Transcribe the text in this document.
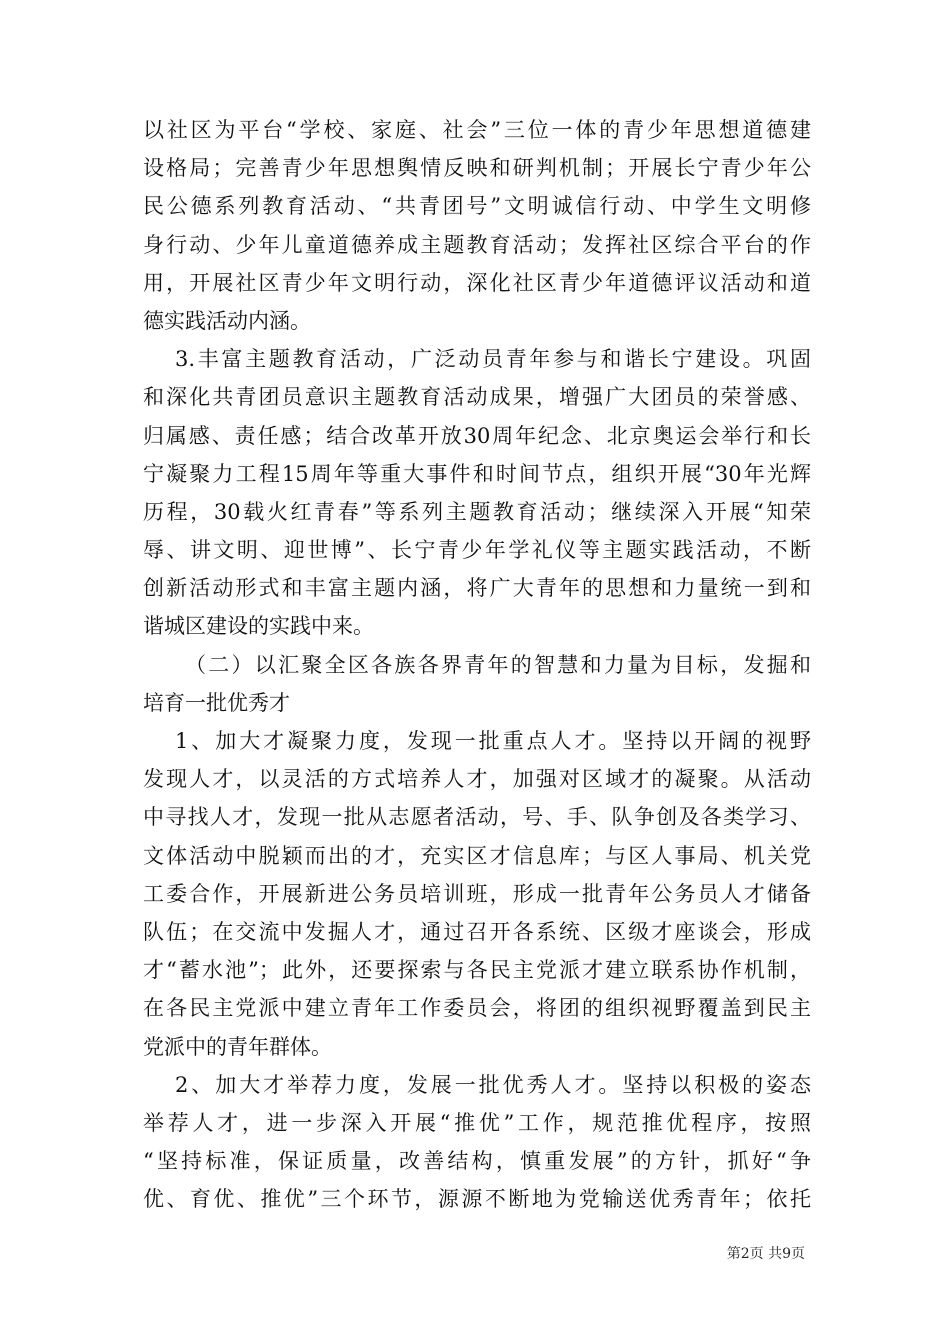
以社区为平台“学校、家庭、社会”三位一体的青少年思想道德建
设格局；完善青少年思想舆情反映和研判机制；开展长宁青少年公
民公德系列教育活动、“共青团号”文明诚信行动、中学生文明修
身行动、少年儿童道德养成主题教育活动；发挥社区综合平台的作
用，开展社区青少年文明行动，深化社区青少年道德评议活动和道
德实践活动内涵。
3.丰富主题教育活动，广泛动员青年参与和谐长宁建设。巩固
和深化共青团员意识主题教育活动成果，增强广大团员的荣誉感、
归属感、责任感；结合改革开放30周年纪念、北京奥运会举行和长
宁凝聚力工程15周年等重大事件和时间节点，组织开展“30年光辉
历程，30载火红青春”等系列主题教育活动；继续深入开展“知荣
辱、讲文明、迎世博”、长宁青少年学礼仪等主题实践活动，不断
创新活动形式和丰富主题内涵，将广大青年的思想和力量统一到和
谐城区建设的实践中来。
（二）以汇聚全区各族各界青年的智慧和力量为目标，发掘和
培育一批优秀才
1、加大才凝聚力度，发现一批重点人才。坚持以开阔的视野
发现人才，以灵活的方式培养人才，加强对区域才的凝聚。从活动
中寻找人才，发现一批从志愿者活动，号、手、队争创及各类学习、
文体活动中脱颖而出的才，充实区才信息库；与区人事局、机关党
工委合作，开展新进公务员培训班，形成一批青年公务员人才储备
队伍；在交流中发掘人才，通过召开各系统、区级才座谈会，形成
才“蓄水池”；此外，还要探索与各民主党派才建立联系协作机制，
在各民主党派中建立青年工作委员会，将团的组织视野覆盖到民主
党派中的青年群体。
2、加大才举荐力度，发展一批优秀人才。坚持以积极的姿态
举荐人才，进一步深入开展“推优”工作，规范推优程序，按照
“坚持标准，保证质量，改善结构，慎重发展”的方针，抓好“争
优、育优、推优”三个环节，源源不断地为党输送优秀青年；依托
第2页 共9页
